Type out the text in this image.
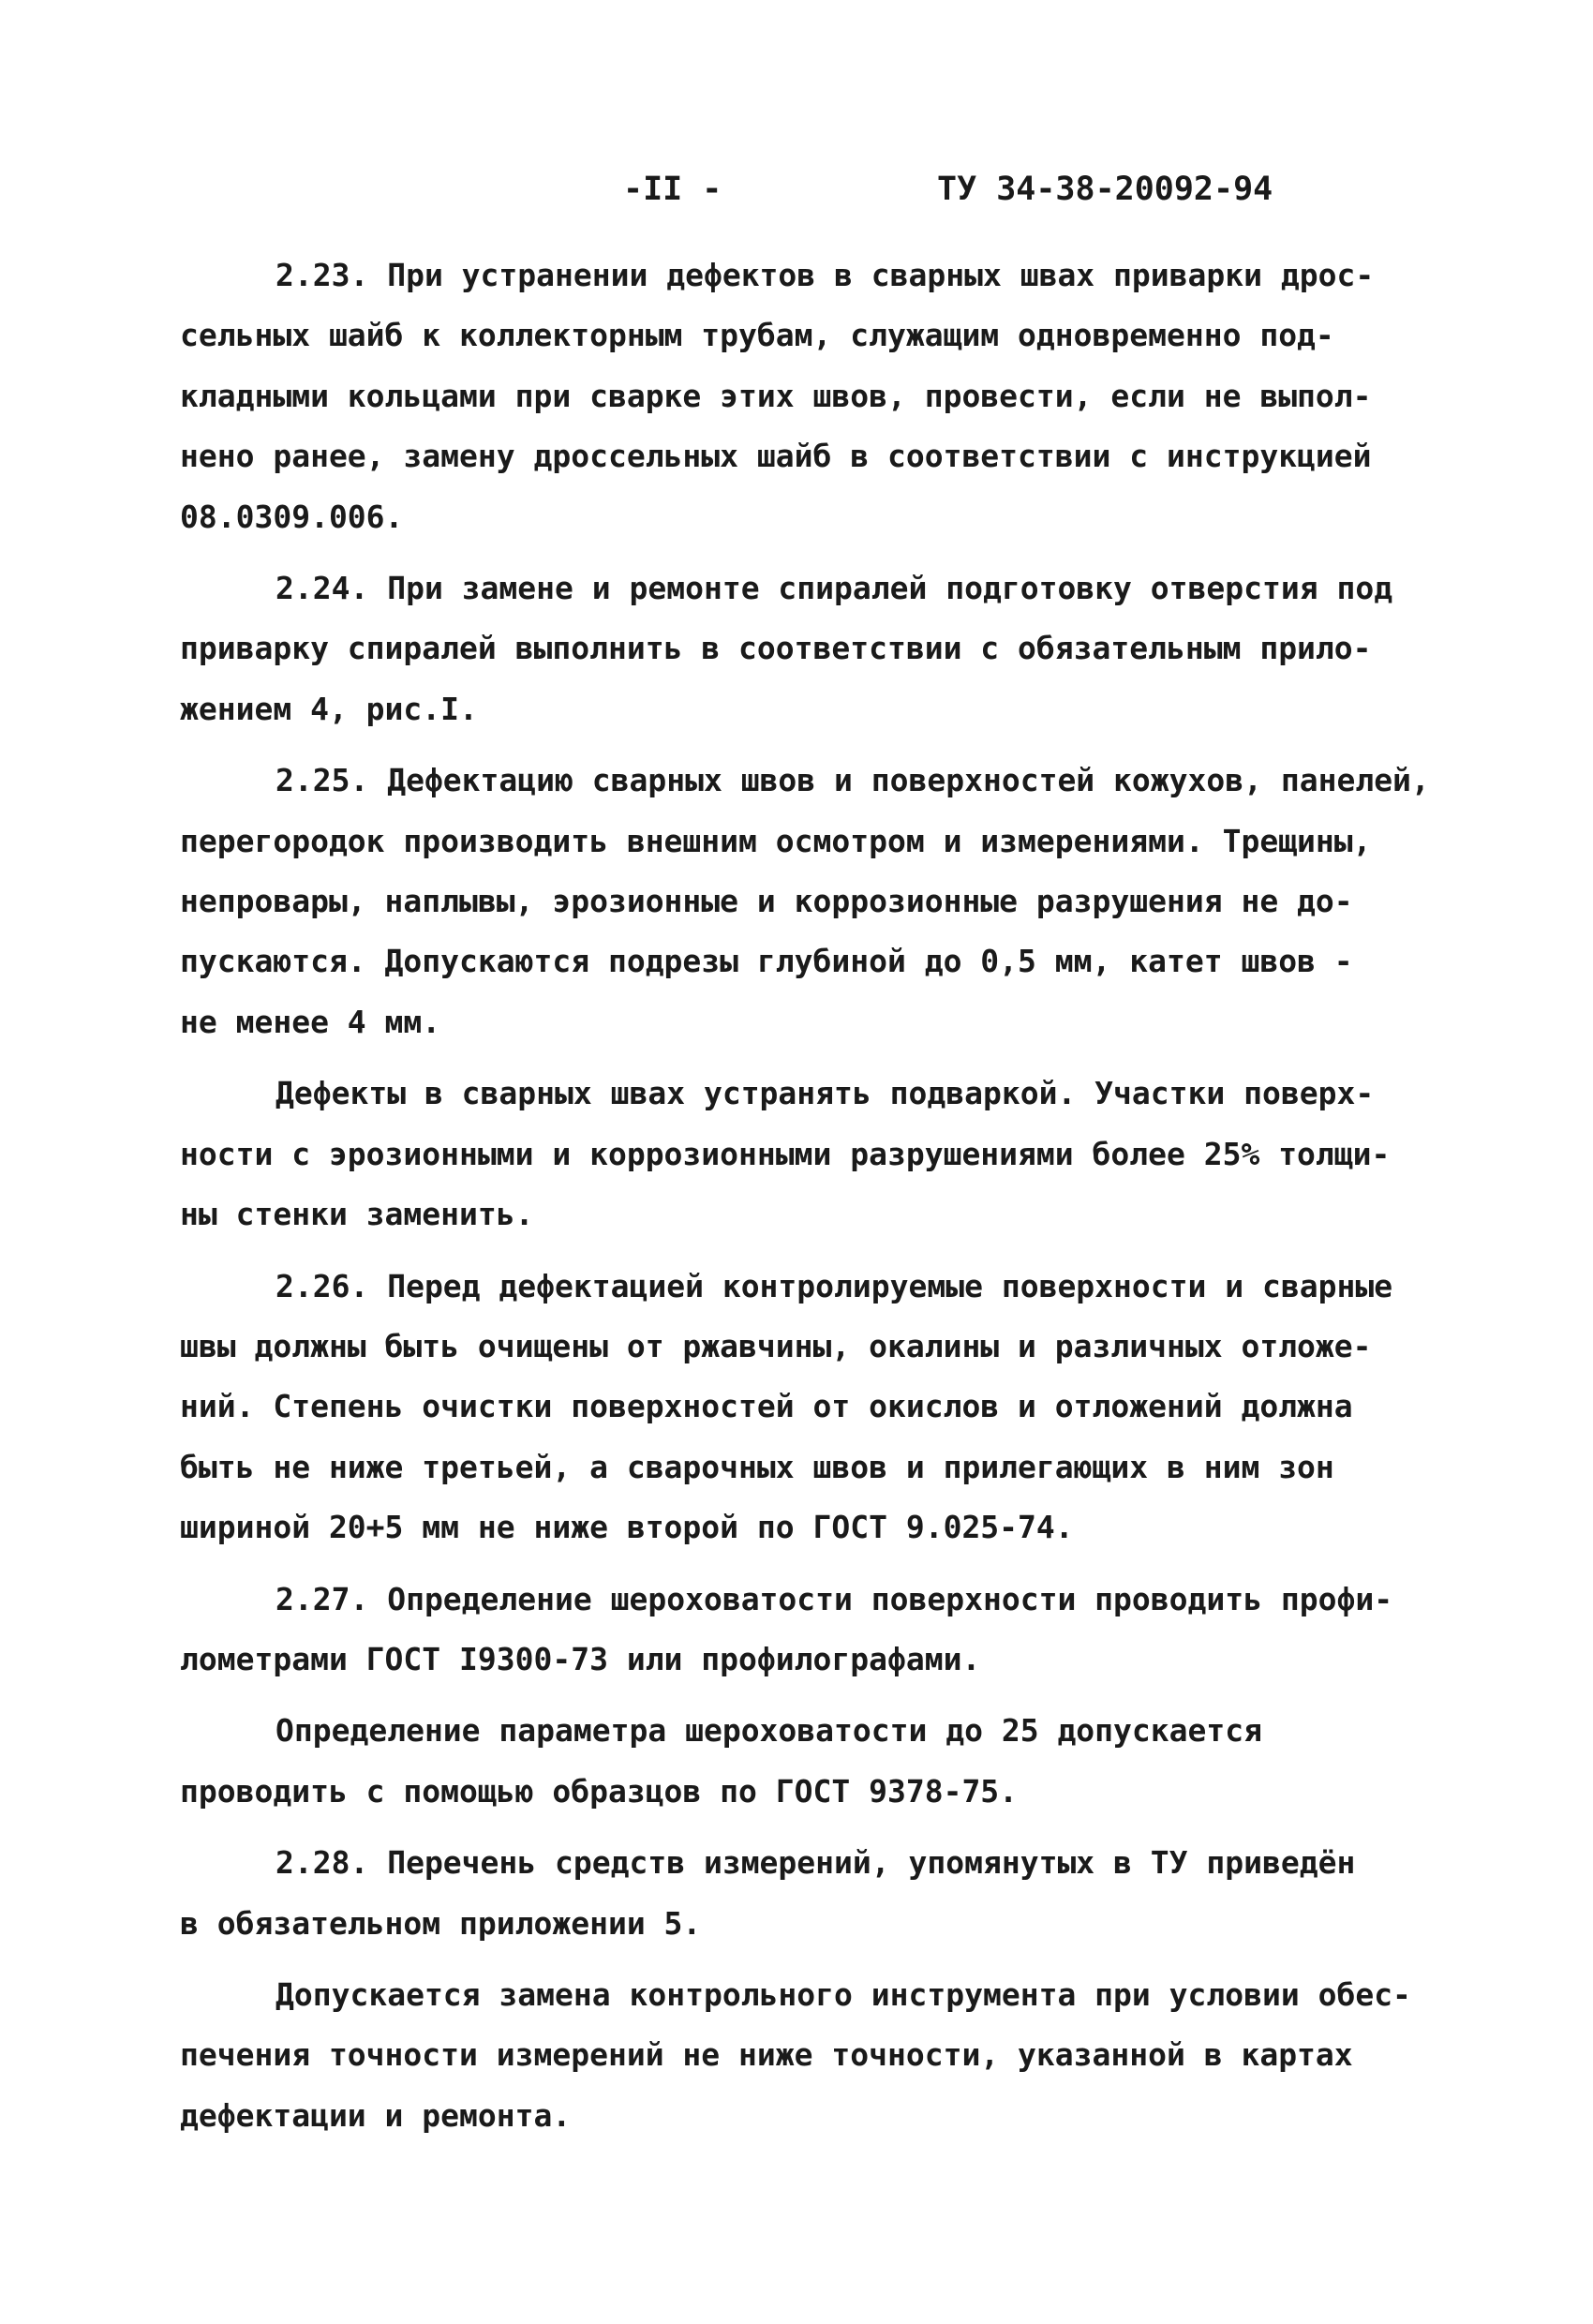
-II -	ТУ 34-38-20092-94

2.23. При устранении дефектов в сварных швах приварки дрос-
сельных шайб к коллекторным трубам, служащим одновременно под-
кладными кольцами при сварке этих швов, провести, если не выпол-
нено ранее, замену дроссельных шайб в соответствии с инструкцией
08.0309.006.

2.24. При замене и ремонте спиралей подготовку отверстия под
приварку спиралей выполнить в соответствии с обязательным прило-
жением 4, рис.I.

2.25. Дефектацию сварных швов и поверхностей кожухов, панелей,
перегородок производить внешним осмотром и измерениями. Трещины,
непровары, наплывы, эрозионные и коррозионные разрушения не до-
пускаются. Допускаются подрезы глубиной до 0,5 мм, катет швов -
не менее 4 мм.

Дефекты в сварных швах устранять подваркой. Участки поверх-
ности с эрозионными и коррозионными разрушениями более 25% толщи-
ны стенки заменить.

2.26. Перед дефектацией контролируемые поверхности и сварные
швы должны быть очищены от ржавчины, окалины и различных отложе-
ний. Степень очистки поверхностей от окислов и отложений должна
быть не ниже третьей, а сварочных швов и прилегающих в ним зон
шириной 20+5 мм не ниже второй по ГОСТ 9.025-74.

2.27. Определение шероховатости поверхности проводить профи-
лометрами ГОСТ I9300-73 или профилографами.

Определение параметра шероховатости до 25 допускается
проводить с помощью образцов по ГОСТ 9378-75.

2.28. Перечень средств измерений, упомянутых в ТУ приведён
в обязательном приложении 5.

Допускается замена контрольного инструмента при условии обес-
печения точности измерений не ниже точности, указанной в картах
дефектации и ремонта.
